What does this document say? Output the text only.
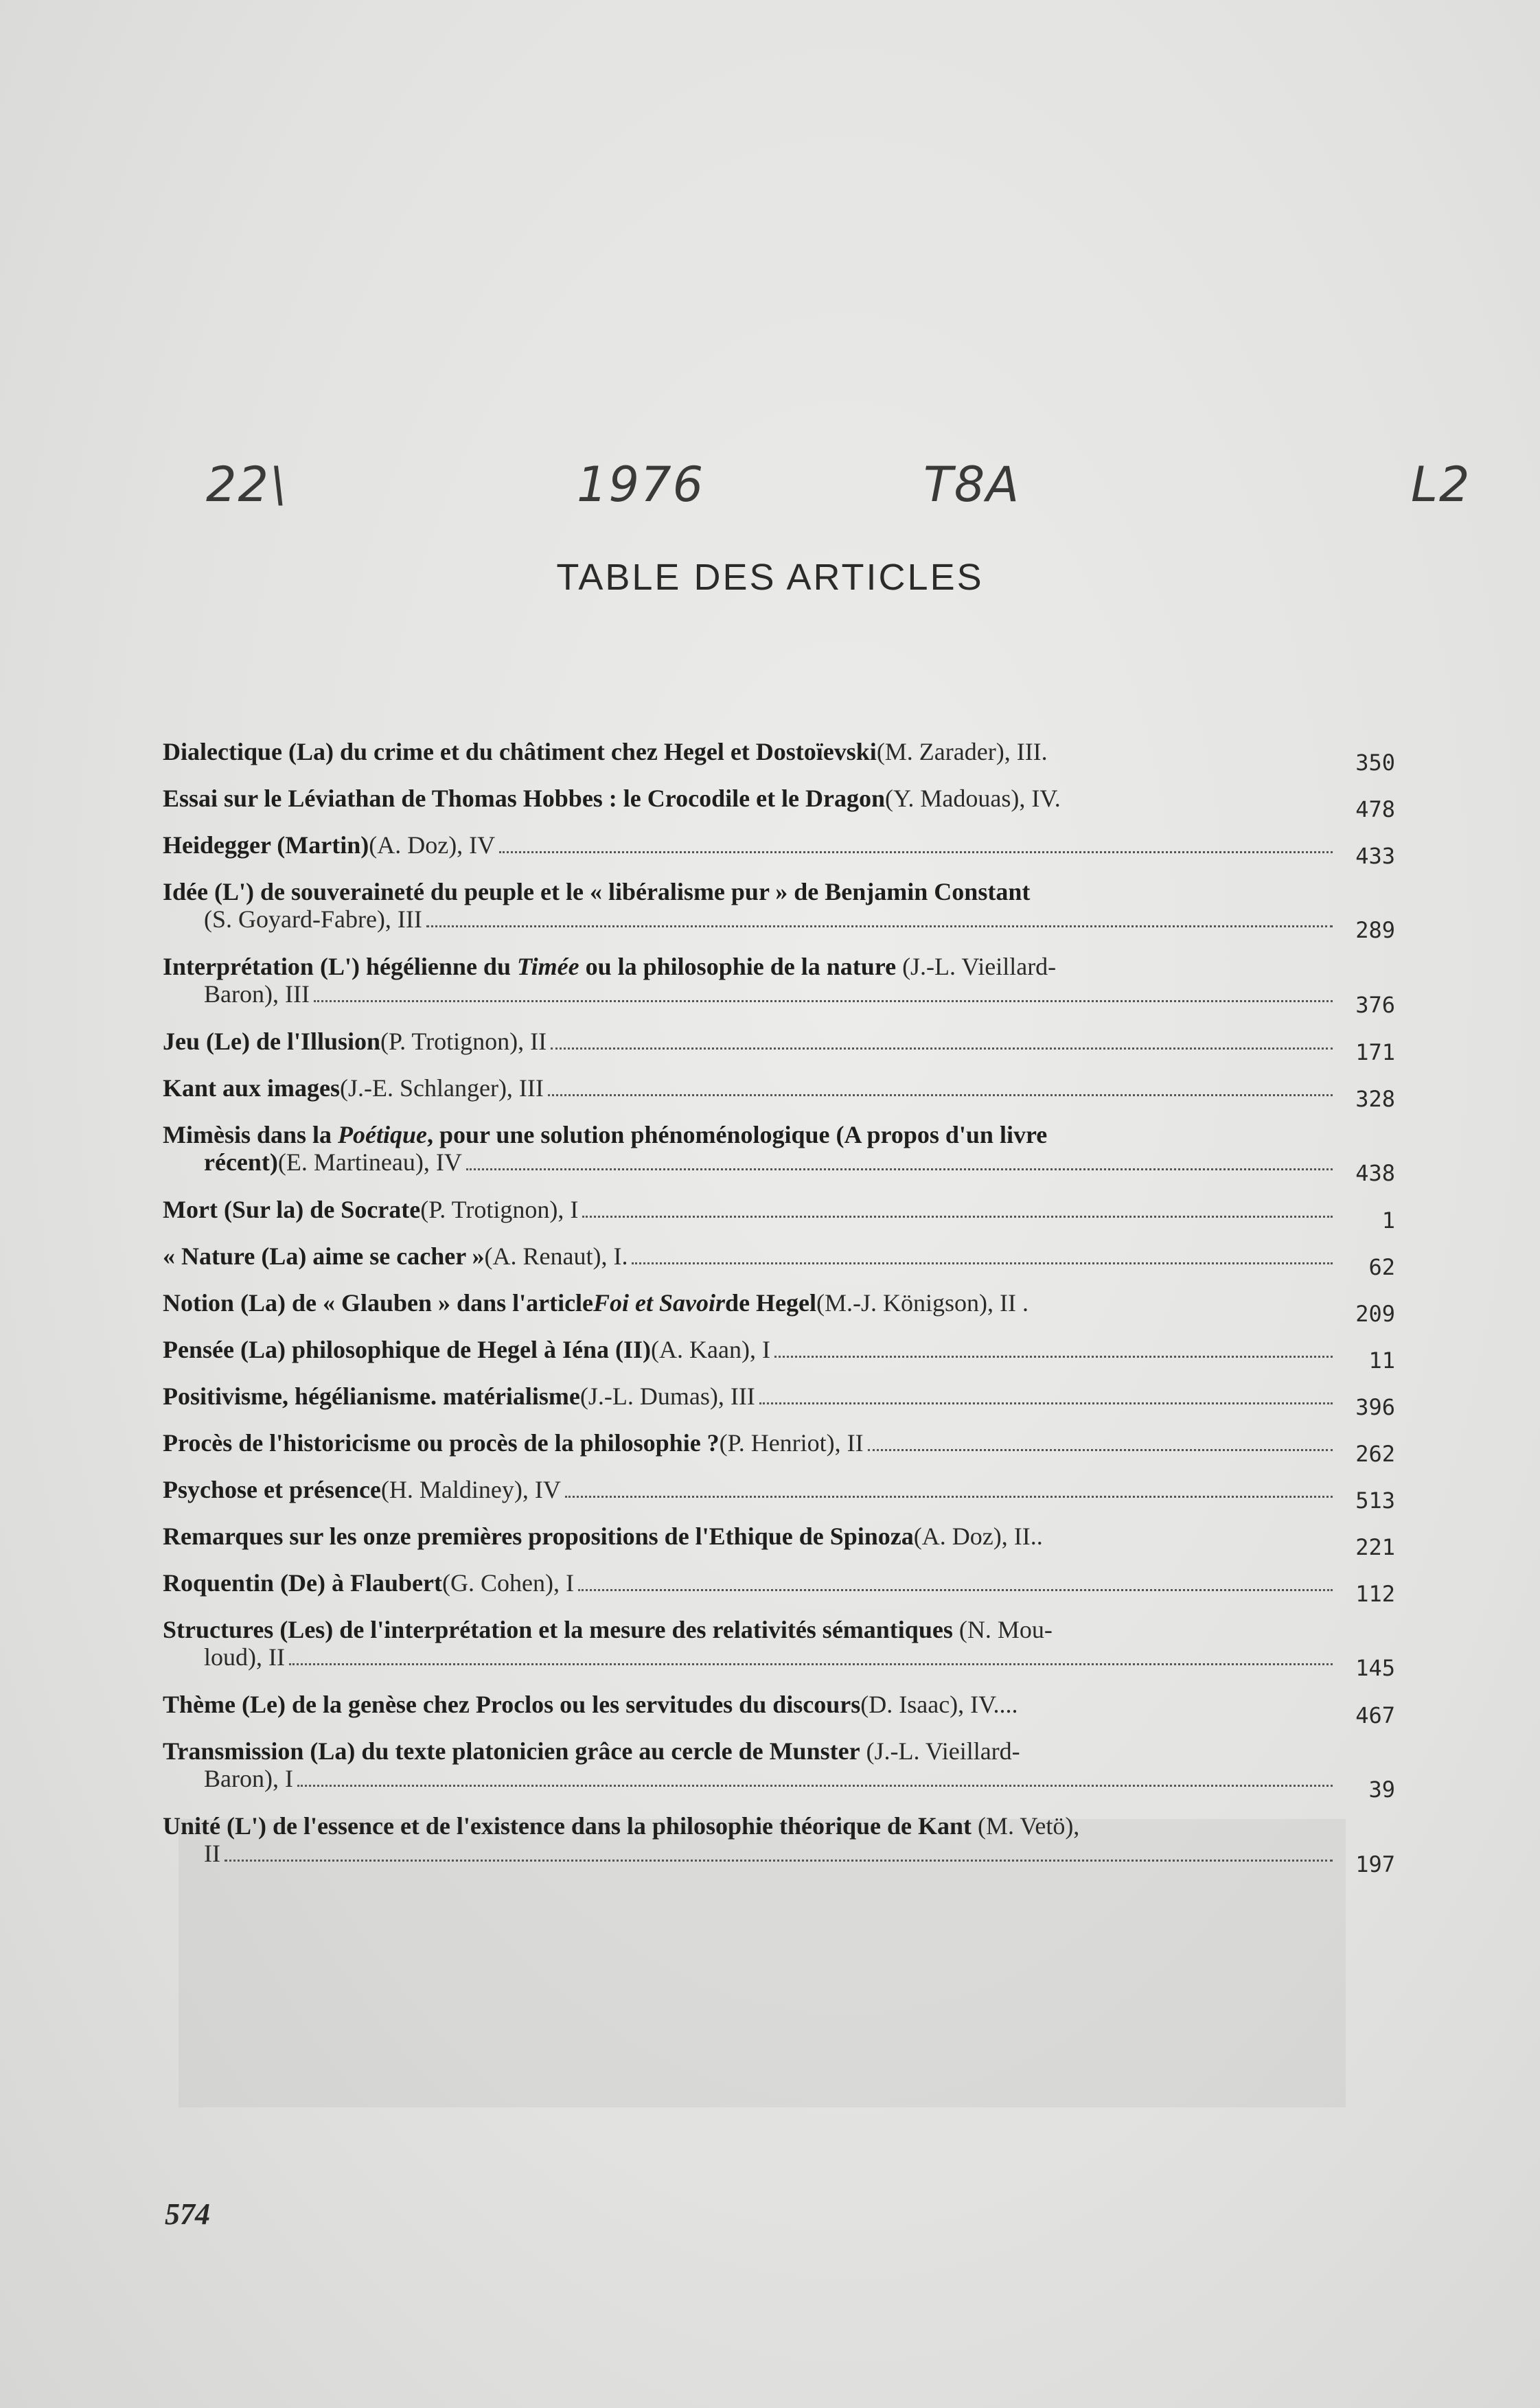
22\	1976	T8A	L2
TABLE DES ARTICLES
Dialectique (La) du crime et du châtiment chez Hegel et Dostoïevski (M. Zarader), III.	350
Essai sur le Léviathan de Thomas Hobbes : le Crocodile et le Dragon (Y. Madouas), IV.	478
Heidegger (Martin) (A. Doz), IV	433
Idée (L') de souveraineté du peuple et le « libéralisme pur » de Benjamin Constant
(S. Goyard-Fabre), III	289
Interprétation (L') hégélienne du Timée ou la philosophie de la nature (J.-L. Vieillard-
Baron), III	376
Jeu (Le) de l'Illusion (P. Trotignon), II	171
Kant aux images (J.-E. Schlanger), III	328
Mimèsis dans la Poétique, pour une solution phénoménologique (A propos d'un livre
récent) (E. Martineau), IV	438
Mort (Sur la) de Socrate (P. Trotignon), I	1
« Nature (La) aime se cacher » (A. Renaut), I.	62
Notion (La) de « Glauben » dans l'article Foi et Savoir de Hegel (M.-J. Königson), II .	209
Pensée (La) philosophique de Hegel à Iéna (II) (A. Kaan), I	11
Positivisme, hégélianisme. matérialisme (J.-L. Dumas), III	396
Procès de l'historicisme ou procès de la philosophie ? (P. Henriot), II	262
Psychose et présence (H. Maldiney), IV	513
Remarques sur les onze premières propositions de l'Ethique de Spinoza (A. Doz), II..	221
Roquentin (De) à Flaubert (G. Cohen), I	112
Structures (Les) de l'interprétation et la mesure des relativités sémantiques (N. Mou-
loud), II	145
Thème (Le) de la genèse chez Proclos ou les servitudes du discours (D. Isaac), IV....	467
Transmission (La) du texte platonicien grâce au cercle de Munster (J.-L. Vieillard-
Baron), I	39
Unité (L') de l'essence et de l'existence dans la philosophie théorique de Kant (M. Vetö),
II	197
574
